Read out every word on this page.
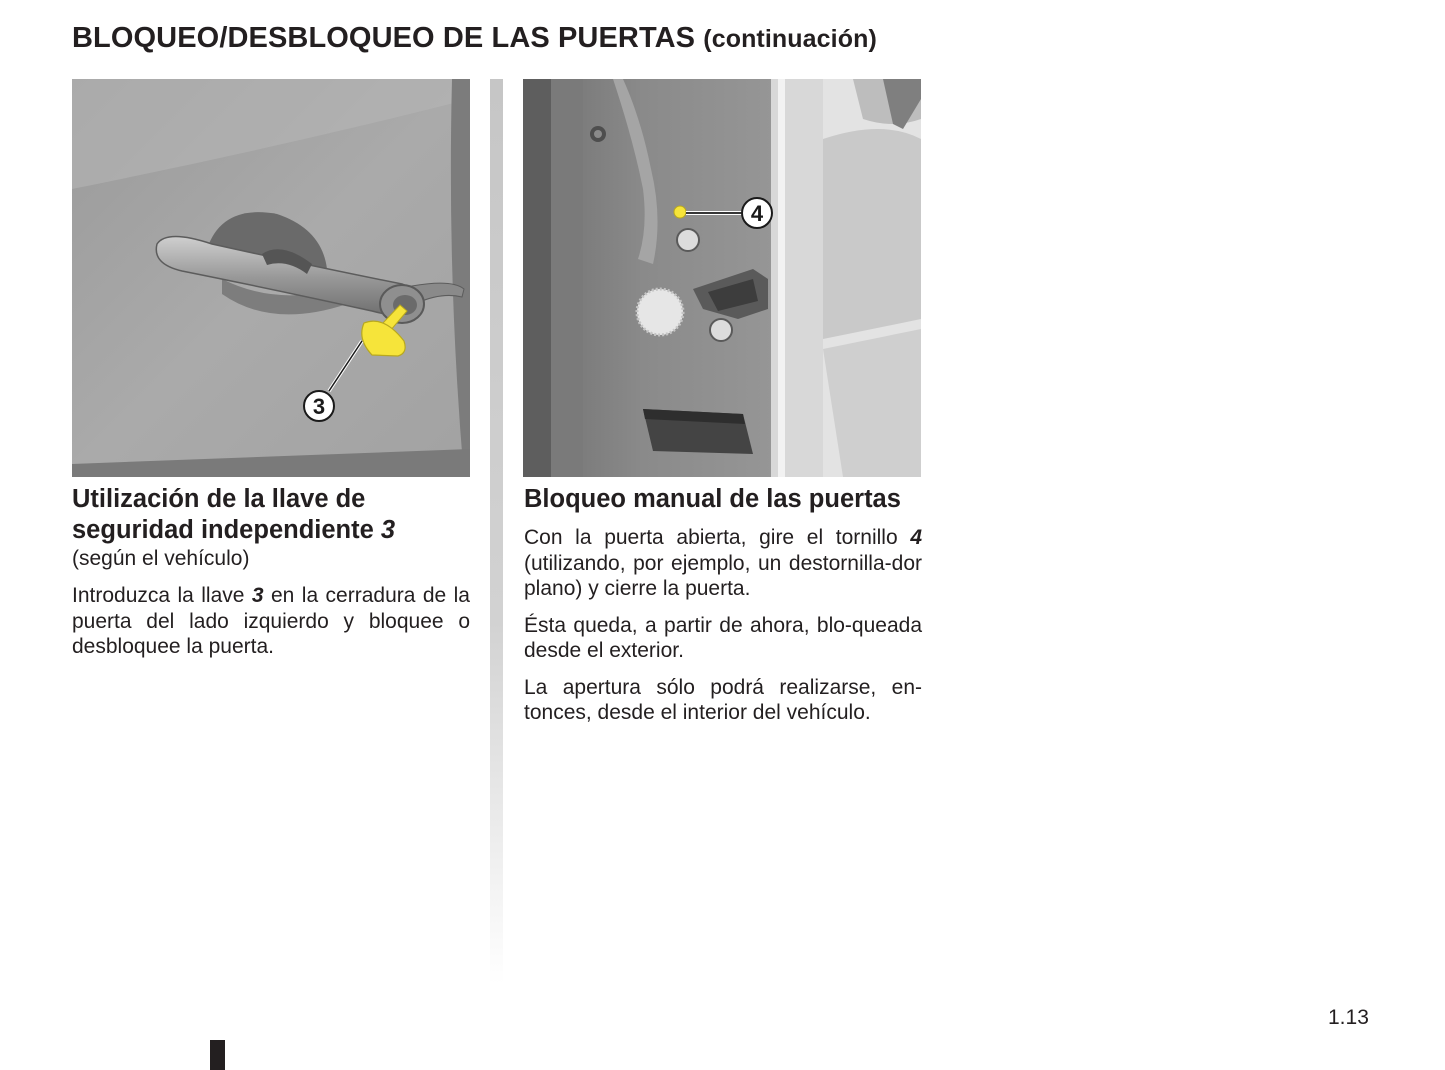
BLOQUEO/DESBLOQUEO DE LAS PUERTAS (continuación)
3
4
Utilización de la llave de seguridad independiente 3
(según el vehículo)

Introduzca la llave 3 en la cerradura de la puerta del lado izquierdo y bloquee o desbloquee la puerta.

Bloqueo manual de las puertas

Con la puerta abierta, gire el tornillo 4 (utilizando, por ejemplo, un destornilla-dor plano) y cierre la puerta.

Ésta queda, a partir de ahora, blo-queada desde el exterior.

La apertura sólo podrá realizarse, en-tonces, desde el interior del vehículo.

1.13
